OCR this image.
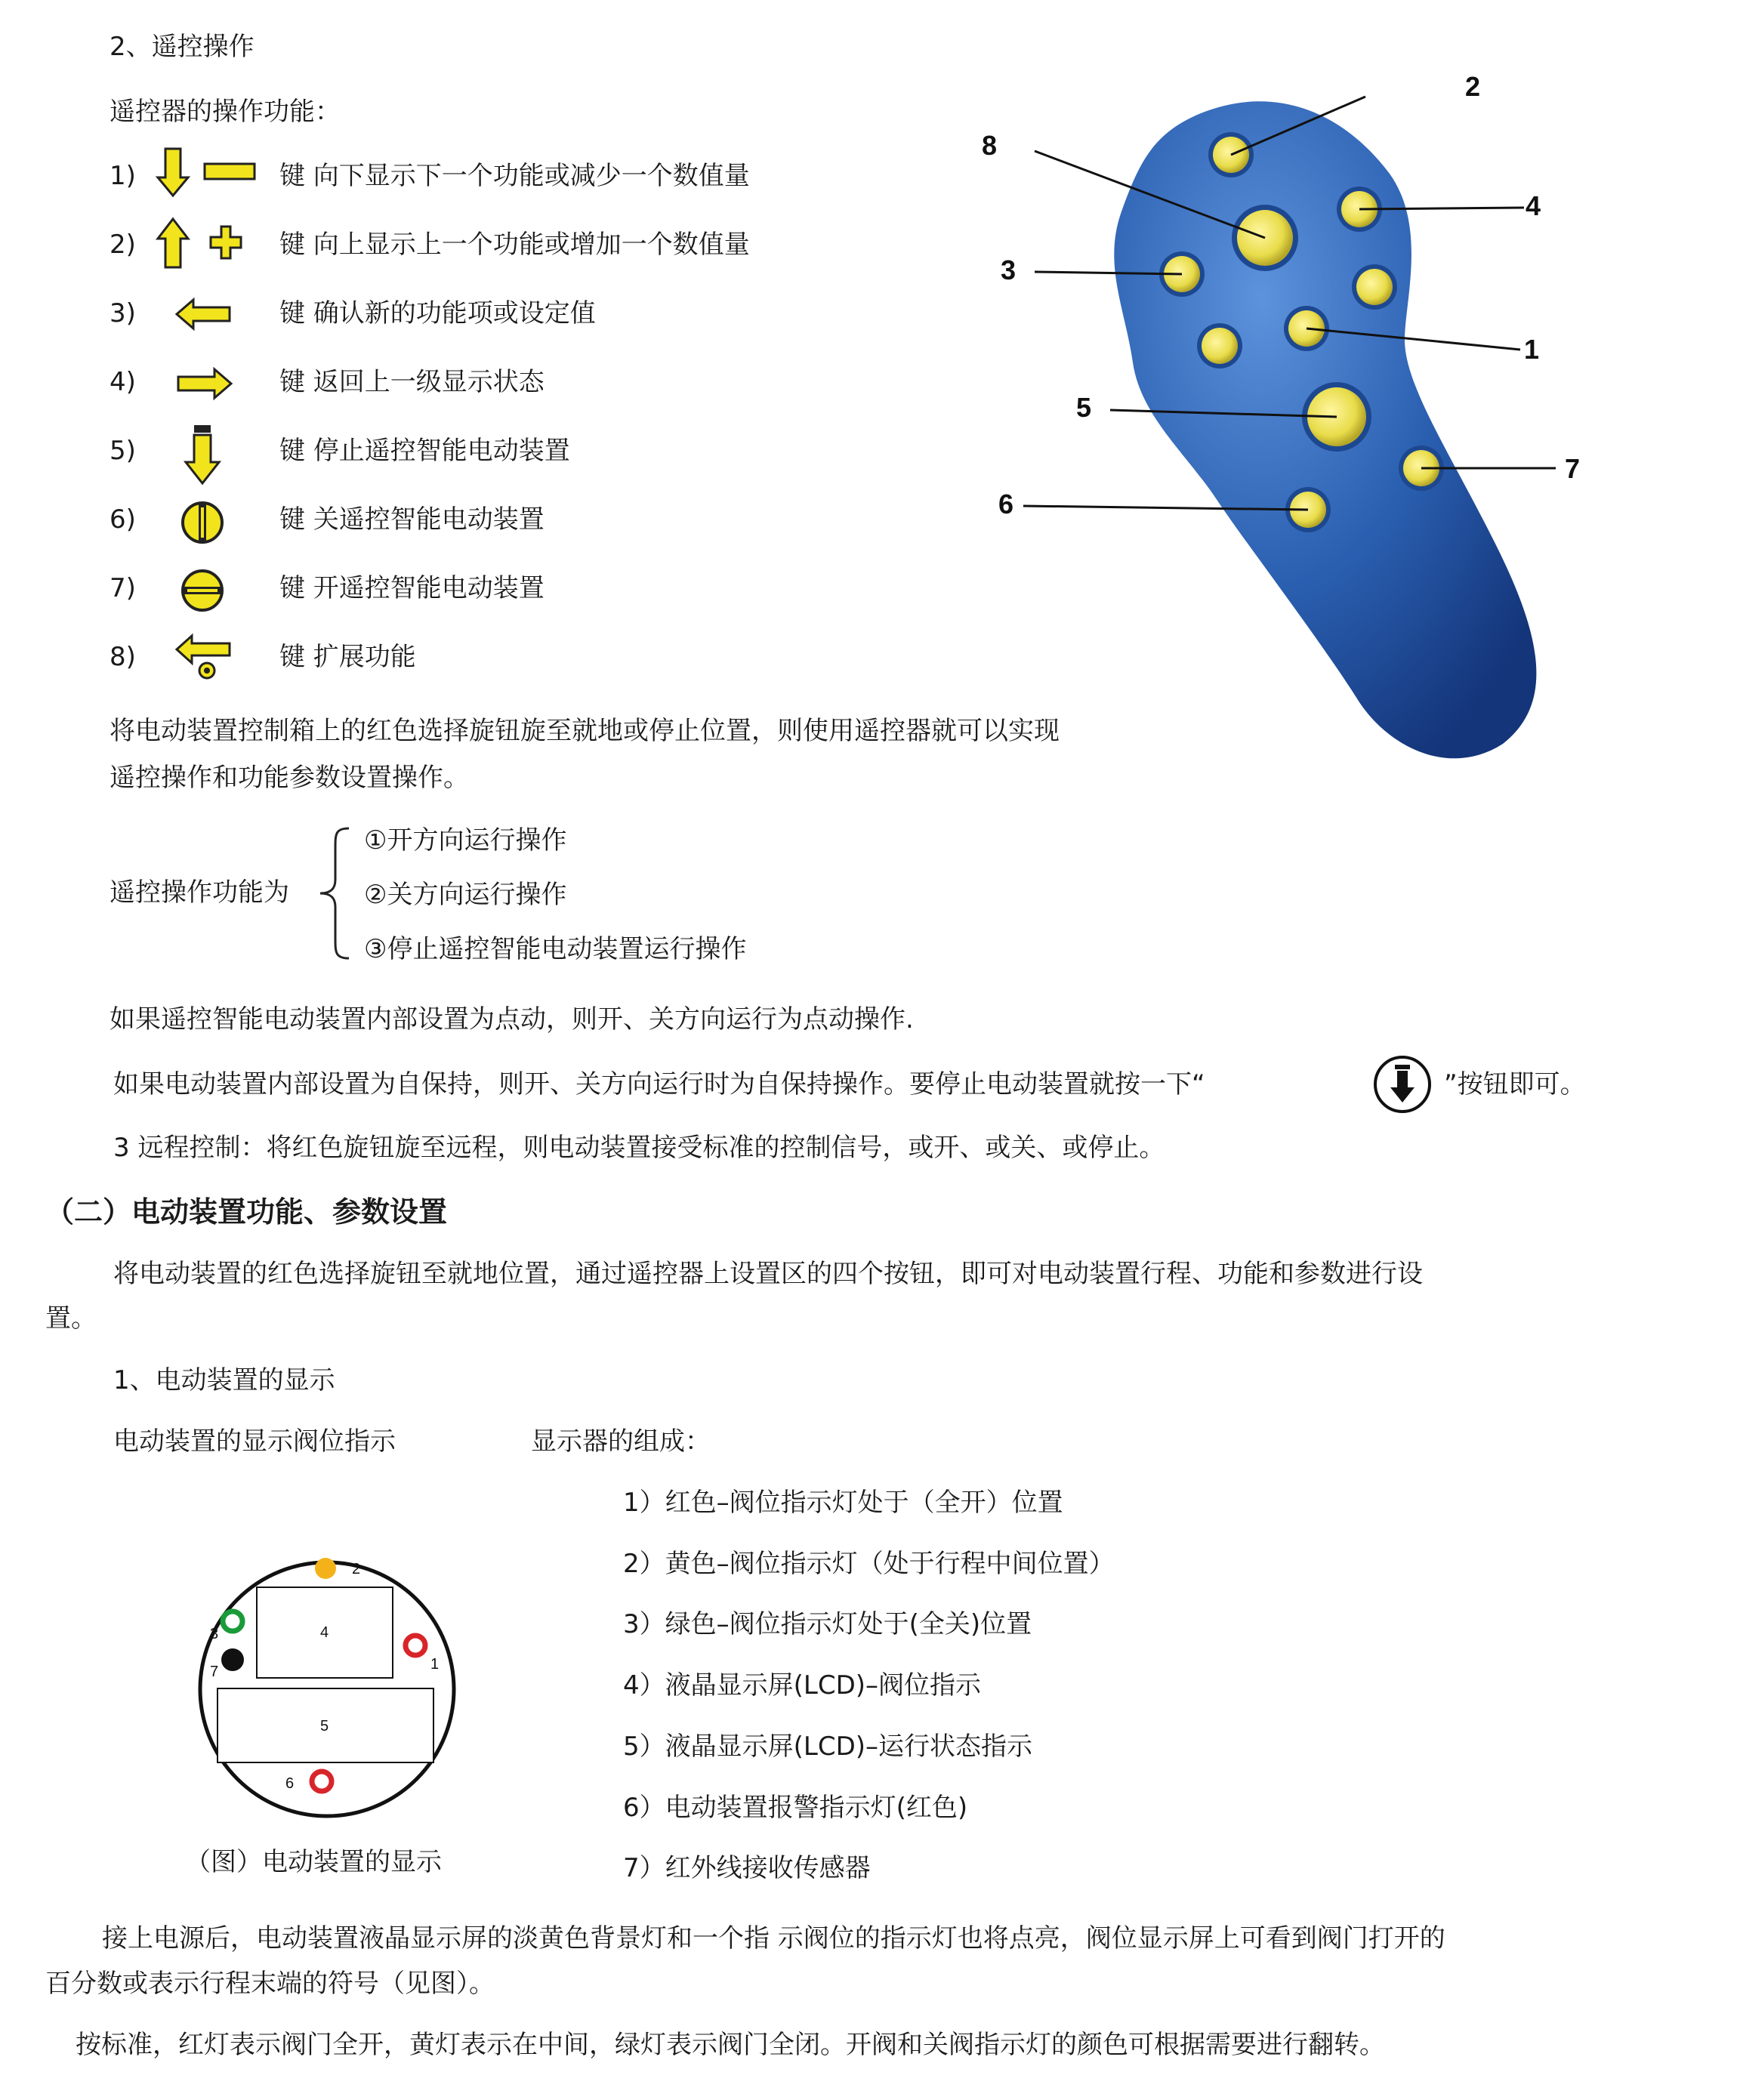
2、遥控操作
遥控器的操作功能：
1)	键 向下显示下一个功能或减少一个数值量
2)	键 向上显示上一个功能或增加一个数值量
3)	键 确认新的功能项或设定值
4)	键 返回上一级显示状态
5)	键 停止遥控智能电动装置
6)	键 关遥控智能电动装置
7)	键 开遥控智能电动装置
8)	键 扩展功能
2
4
8
3
1
5
7
6
将电动装置控制箱上的红色选择旋钮旋至就地或停止位置，则使用遥控器就可以实现
遥控操作和功能参数设置操作。
遥控操作功能为
①开方向运行操作
②关方向运行操作
③停止遥控智能电动装置运行操作
如果遥控智能电动装置内部设置为点动，则开、关方向运行为点动操作.
如果电动装置内部设置为自保持，则开、关方向运行时为自保持操作。要停止电动装置就按一下“	”按钮即可。
3 远程控制：将红色旋钮旋至远程，则电动装置接受标准的控制信号，或开、或关、或停止。
（二）电动装置功能、参数设置
将电动装置的红色选择旋钮至就地位置，通过遥控器上设置区的四个按钮，即可对电动装置行程、功能和参数进行设
置。
1、电动装置的显示
电动装置的显示阀位指示	显示器的组成：
1）红色–阀位指示灯处于（全开）位置
2）黄色–阀位指示灯（处于行程中间位置）
3）绿色–阀位指示灯处于(全关)位置
4）液晶显示屏(LCD)–阀位指示
5）液晶显示屏(LCD)–运行状态指示
6）电动装置报警指示灯(红色)
7）红外线接收传感器
1
2
3	4
5
6
7
（图）电动装置的显示
接上电源后，电动装置液晶显示屏的淡黄色背景灯和一个指 示阀位的指示灯也将点亮，阀位显示屏上可看到阀门打开的
百分数或表示行程末端的符号（见图）。
按标准，红灯表示阀门全开，黄灯表示在中间，绿灯表示阀门全闭。开阀和关阀指示灯的颜色可根据需要进行翻转。
